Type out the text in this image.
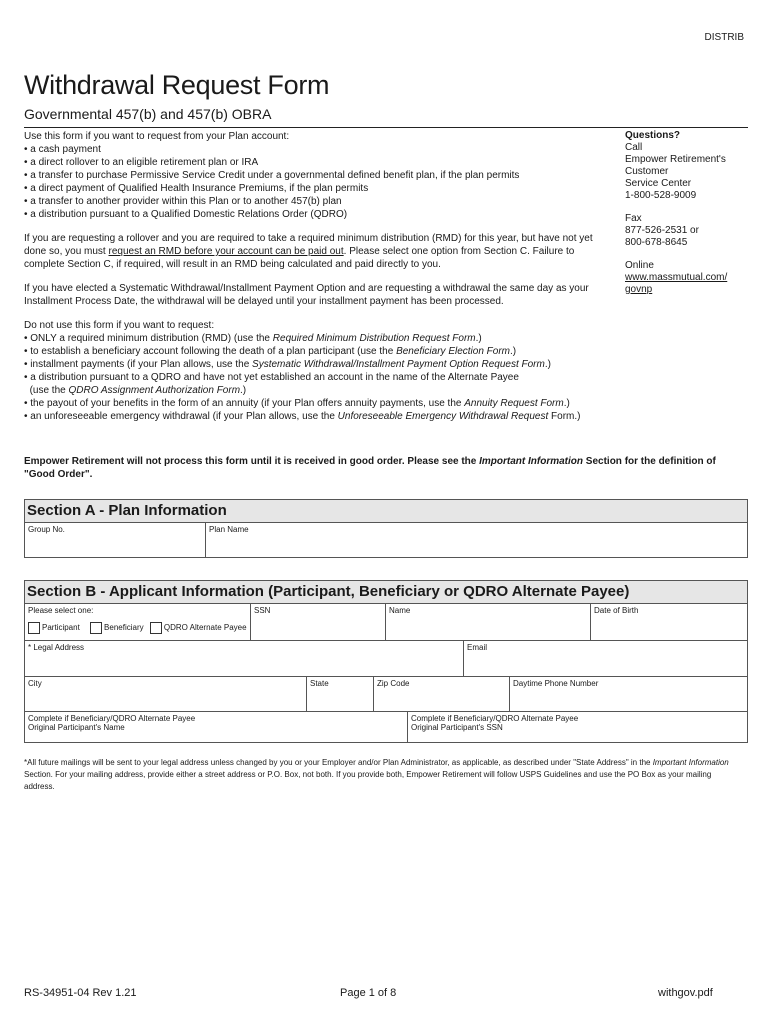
DISTRIB
Withdrawal Request Form
Governmental 457(b) and 457(b) OBRA

Use this form if you want to request from your Plan account:

• a cash payment
• a direct rollover to an eligible retirement plan or IRA
• a transfer to purchase Permissive Service Credit under a governmental defined benefit plan, if the plan permits
• a direct payment of Qualified Health Insurance Premiums, if the plan permits
• a transfer to another provider within this Plan or to another 457(b) plan
• a distribution pursuant to a Qualified Domestic Relations Order (QDRO)

If you are requesting a rollover and you are required to take a required minimum distribution (RMD) for this year, but have not yet done so, you must request an RMD before your account can be paid out. Please select one option from Section C. Failure to complete Section C, if required, will result in an RMD being calculated and paid directly to you.

If you have elected a Systematic Withdrawal/Installment Payment Option and are requesting a withdrawal the same day as your Installment Process Date, the withdrawal will be delayed until your installment payment has been processed.

Do not use this form if you want to request:

• ONLY a required minimum distribution (RMD) (use the Required Minimum Distribution Request Form.)
• to establish a beneficiary account following the death of a plan participant (use the Beneficiary Election Form.)
• installment payments (if your Plan allows, use the Systematic Withdrawal/Installment Payment Option Request Form.)
• a distribution pursuant to a QDRO and have not yet established an account in the name of the Alternate Payee
(use the QDRO Assignment Authorization Form.)
• the payout of your benefits in the form of an annuity (if your Plan offers annuity payments, use the Annuity Request Form.)
• an unforeseeable emergency withdrawal (if your Plan allows, use the Unforeseeable Emergency Withdrawal Request Form.)
Questions?
Call
Empower Retirement's
Customer
Service Center
1-800-528-9009
Fax
877-526-2531 or
800-678-8645
Online
www.massmutual.com/
govnp
Empower Retirement will not process this form until it is received in good order. Please see the Important Information Section for the definition of "Good Order".
Section A - Plan Information
Group No.	Plan Name
Section B - Applicant Information (Participant, Beneficiary or QDRO Alternate Payee)
Please select one:
Participant	Beneficiary	QDRO Alternate Payee
SSN	Name	Date of Birth
* Legal Address	Email
City	State	Zip Code	Daytime Phone Number
Complete if Beneficiary/QDRO Alternate Payee
Original Participant's Name
Complete if Beneficiary/QDRO Alternate Payee
Original Participant's SSN
*All future mailings will be sent to your legal address unless changed by you or your Employer and/or Plan Administrator, as applicable, as described under "State Address" in the Important Information Section. For your mailing address, provide either a street address or P.O. Box, not both. If you provide both, Empower Retirement will follow USPS Guidelines and use the PO Box as your mailing address.
RS-34951-04 Rev 1.21	Page 1 of 8	withgov.pdf
